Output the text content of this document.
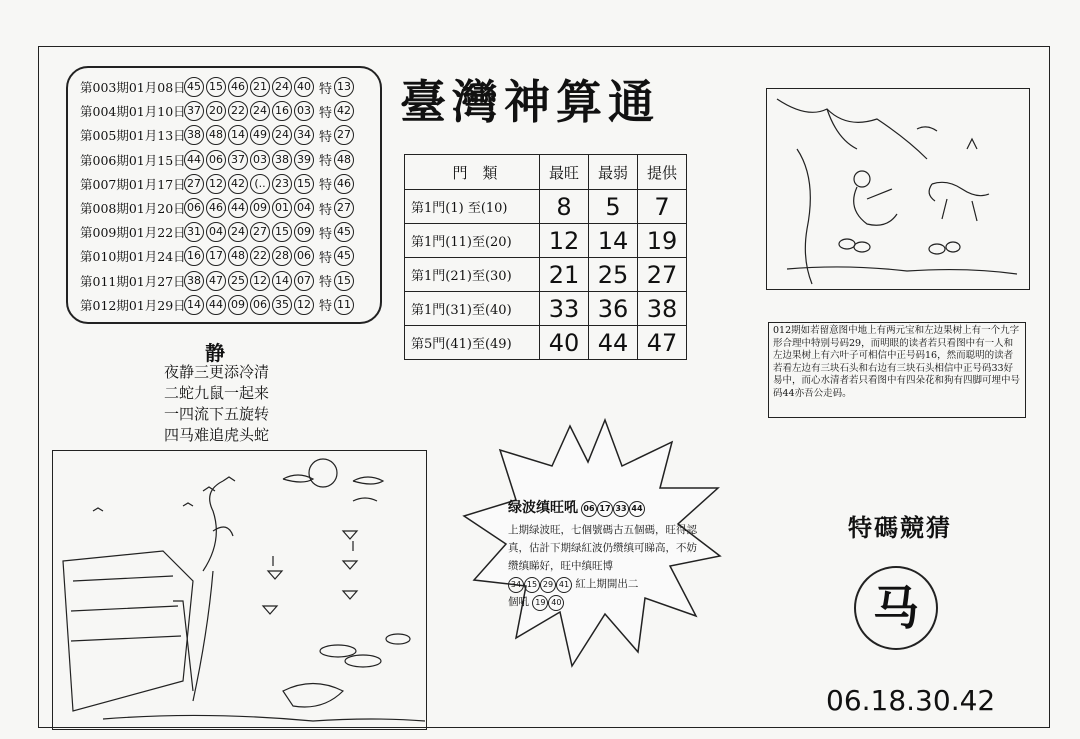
第003期01月08日 45 15 46 21 24 40 特 13
第004期01月10日 37 20 22 24 16 03 特 42
第005期01月13日 38 48 14 49 24 34 特 27
第006期01月15日 44 06 37 03 38 39 特 48
第007期01月17日 27 12 42 (.. 23 15 特 46
第008期01月20日 06 46 44 09 01 04 特 27
第009期01月22日 31 04 24 27 15 09 特 45
第010期01月24日 16 17 48 22 28 06 特 45
第011期01月27日 38 47 25 12 14 07 特 15
第012期01月29日 14 44 09 06 35 12 特 11
臺灣神算通
門　類	最旺	最弱	提供
第1門(1) 至(10)	8	5	7
第1門(11)至(20)	12	14	19
第1門(21)至(30)	21	25	27
第1門(31)至(40)	33	36	38
第5門(41)至(49)	40	44	47
静
夜静三更添冷清
二蛇九鼠一起来
一四流下五旋转
四马难追虎头蛇
012期如若留意图中地上有两元宝和左边果树上有一个九字形合理中特别号码29，而明眼的读者若只看图中有一人和左边果树上有六叶子可相信中正号码16，然而聪明的读者若看左边有三块石头和右边有三块石头相信中正号码33好易中，而心水清者若只看图中有四朵花和狗有四脚可埋中号码44亦吾公走码。
绿波缜旺吼 06 17 33 44
上期绿波旺，七個號碼古五個碼，旺得認真，估計下期绿紅波仍缵缜可睇高，不妨缵缜睇好，旺中缜旺博
34 15 29 41 紅上期開出二
個吼 19 40
特碼競猜
马
06.18.30.42
